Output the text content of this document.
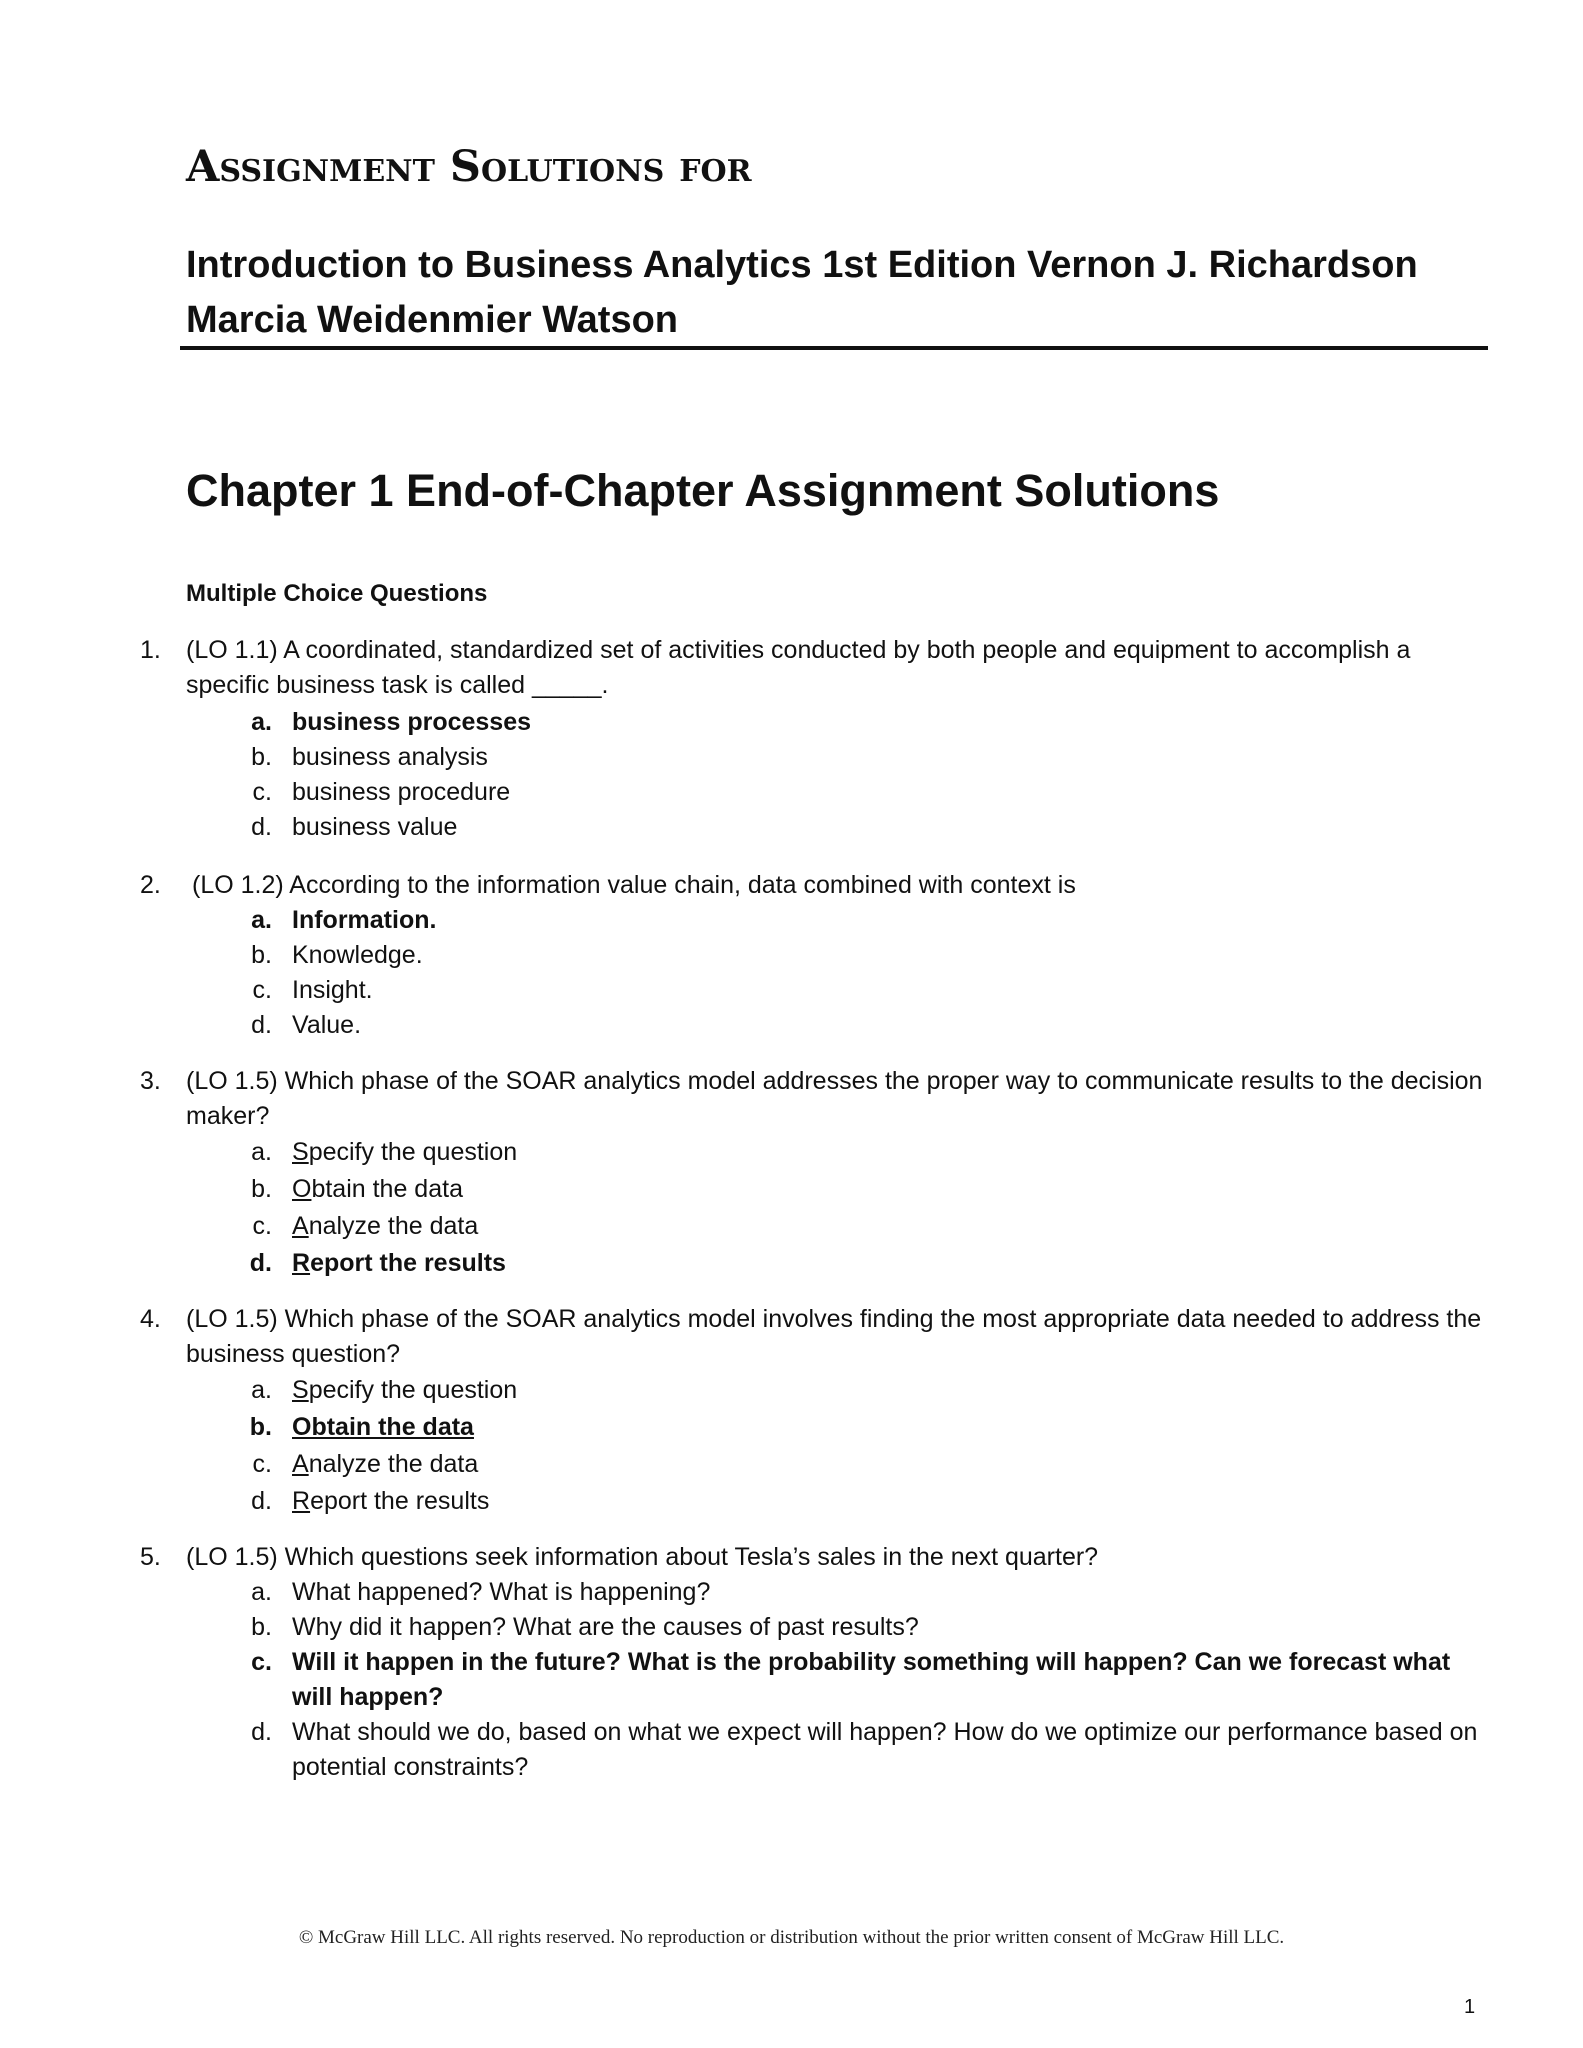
Assignment Solutions for
Introduction to Business Analytics 1st Edition Vernon J. Richardson Marcia Weidenmier Watson
Chapter 1 End-of-Chapter Assignment Solutions
Multiple Choice Questions
1.	(LO 1.1) A coordinated, standardized set of activities conducted by both people and equipment to accomplish a specific business task is called _____.
a. business processes
b. business analysis
c. business procedure
d. business value
2.	(LO 1.2) According to the information value chain, data combined with context is
a. Information.
b. Knowledge.
c. Insight.
d. Value.
3.	(LO 1.5) Which phase of the SOAR analytics model addresses the proper way to communicate results to the decision maker?
a. Specify the question
b. Obtain the data
c. Analyze the data
d. Report the results
4.	(LO 1.5) Which phase of the SOAR analytics model involves finding the most appropriate data needed to address the business question?
a. Specify the question
b. Obtain the data
c. Analyze the data
d. Report the results
5.	(LO 1.5) Which questions seek information about Tesla’s sales in the next quarter?
a. What happened? What is happening?
b. Why did it happen? What are the causes of past results?
c. Will it happen in the future? What is the probability something will happen? Can we forecast what will happen?
d. What should we do, based on what we expect will happen? How do we optimize our performance based on potential constraints?
© McGraw Hill LLC. All rights reserved. No reproduction or distribution without the prior written consent of McGraw Hill LLC.
1
